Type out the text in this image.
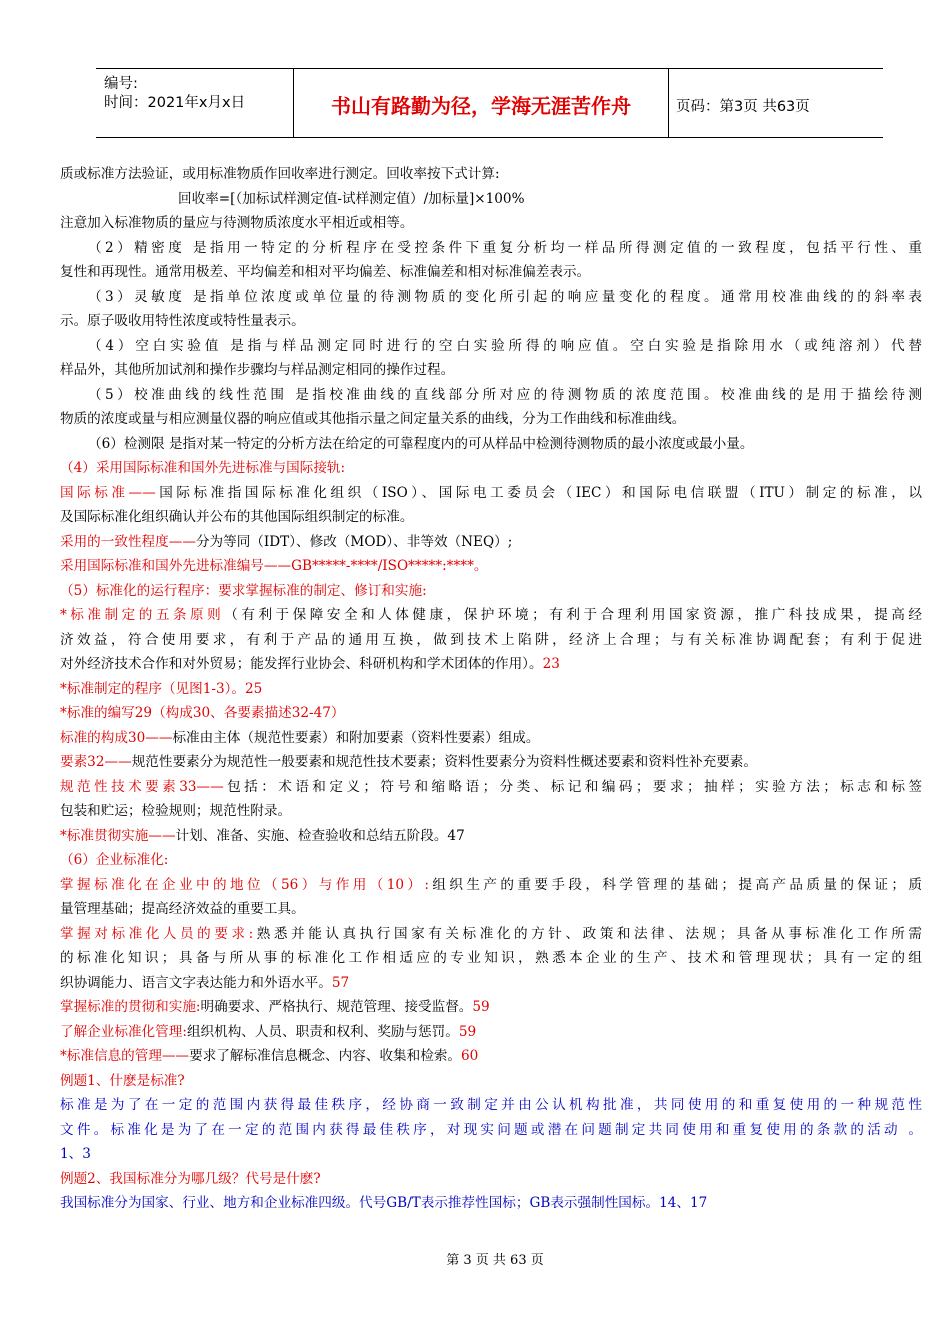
编号:
时间：2021年x月x日	书山有路勤为径，学海无涯苦作舟	页码：第3页 共63页
质或标准方法验证，或用标准物质作回收率进行测定。回收率按下式计算:
回收率=[（加标试样测定值-试样测定值）/加标量]×100%
注意加入标准物质的量应与待测物质浓度水平相近或相等。
（2）精密度 是指用一特定的分析程序在受控条件下重复分析均一样品所得测定值的一致程度，包括平行性、重
复性和再现性。通常用极差、平均偏差和相对平均偏差、标准偏差和相对标准偏差表示。
（3）灵敏度 是指单位浓度或单位量的待测物质的变化所引起的响应量变化的程度。通常用校准曲线的的斜率表
示。原子吸收用特性浓度或特性量表示。
（4）空白实验值 是指与样品测定同时进行的空白实验所得的响应值。空白实验是指除用水（或纯溶剂）代替
样品外，其他所加试剂和操作步骤均与样品测定相同的操作过程。
（5）校准曲线的线性范围 是指校准曲线的直线部分所对应的待测物质的浓度范围。校准曲线的是用于描绘待测
物质的浓度或量与相应测量仪器的响应值或其他指示量之间定量关系的曲线，分为工作曲线和标准曲线。
（6）检测限 是指对某一特定的分析方法在给定的可靠程度内的可从样品中检测待测物质的最小浓度或最小量。
（4）采用国际标准和国外先进标准与国际接轨:
国际标准——国际标准指国际标准化组织（ISO）、国际电工委员会（IEC）和国际电信联盟（ITU）制定的标准，以
及国际标准化组织确认并公布的其他国际组织制定的标准。
采用的一致性程度——分为等同（IDT）、修改（MOD）、非等效（NEQ）;
采用国际标准和国外先进标准编号——GB*****-****/ISO*****:****。
（5）标准化的运行程序：要求掌握标准的制定、修订和实施:
*标准制定的五条原则（有利于保障安全和人体健康，保护环境；有利于合理利用国家资源，推广科技成果，提高经
济效益，符合使用要求，有利于产品的通用互换，做到技术上陷阱，经济上合理；与有关标准协调配套；有利于促进
对外经济技术合作和对外贸易；能发挥行业协会、科研机构和学术团体的作用）。23
*标准制定的程序（见图1-3）。25
*标准的编写29（构成30、各要素描述32-47）
标准的构成30——标准由主体（规范性要素）和附加要素（资料性要素）组成。
要素32——规范性要素分为规范性一般要素和规范性技术要素；资料性要素分为资料性概述要素和资料性补充要素。
规范性技术要素33——包括：术语和定义；符号和缩略语；分类、标记和编码；要求；抽样；实验方法；标志和标签
包装和贮运；检验规则；规范性附录。
*标准贯彻实施——计划、准备、实施、检查验收和总结五阶段。47
（6）企业标准化:
掌握标准化在企业中的地位（56）与作用（10）:组织生产的重要手段，科学管理的基础；提高产品质量的保证；质
量管理基础；提高经济效益的重要工具。
掌握对标准化人员的要求:熟悉并能认真执行国家有关标准化的方针、政策和法律、法规；具备从事标准化工作所需
的标准化知识；具备与所从事的标准化工作相适应的专业知识，熟悉本企业的生产、技术和管理现状；具有一定的组
织协调能力、语言文字表达能力和外语水平。57
掌握标准的贯彻和实施:明确要求、严格执行、规范管理、接受监督。59
了解企业标准化管理:组织机构、人员、职责和权利、奖励与惩罚。59
*标准信息的管理——要求了解标准信息概念、内容、收集和检索。60
例题1、什麽是标准?
标准是为了在一定的范围内获得最佳秩序，经协商一致制定并由公认机构批准，共同使用的和重复使用的一种规范性
文件。标准化是为了在一定的范围内获得最佳秩序，对现实问题或潜在问题制定共同使用和重复使用的条款的活动 。
1、3
例题2、我国标准分为哪几级？代号是什麽?
我国标准分为国家、行业、地方和企业标准四级。代号GB/T表示推荐性国标；GB表示强制性国标。14、17
第 3 页 共 63 页
